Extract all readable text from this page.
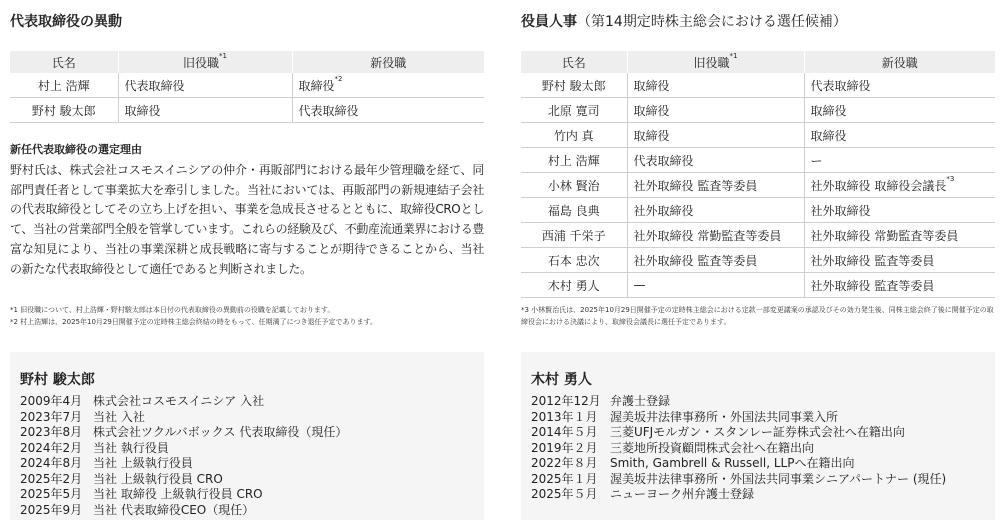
代表取締役の異動
氏名	旧役職$^{*1}$	新役職
村上 浩輝	代表取締役	取締役$^{*2}$
野村 駿太郎	取締役	代表取締役
新任代表取締役の選定理由
野村氏は、株式会社コスモスイニシアの仲介・再販部門における最年少管理職を経て、同部門責任者として事業拡大を牽引しました。当社においては、再販部門の新規連結子会社の代表取締役としてその立ち上げを担い、事業を急成長させるとともに、取締役CROとして、当社の営業部門全般を管掌しています。これらの経験及び、不動産流通業界における豊富な知見により、当社の事業深耕と成長戦略に寄与することが期待できることから、当社の新たな代表取締役として適任であると判断されました。
*1 旧役職について、村上浩輝・野村駿太郎は本日付の代表取締役の異動前の役職を記載しております。
*2 村上浩輝は、2025年10月29日開催予定の定時株主総会終結の時をもって、任期満了につき退任予定であります。
野村 駿太郎
2009年4月 株式会社コスモスイニシア 入社
2023年7月 当社 入社
2023年8月 株式会社ツクルバボックス 代表取締役（現任）
2024年2月 当社 執行役員
2024年8月 当社 上級執行役員
2025年2月 当社 上級執行役員 CRO
2025年5月 当社 取締役 上級執行役員 CRO
2025年9月 当社 代表取締役CEO（現任）
役員人事（第14期定時株主総会における選任候補）
氏名	旧役職$^{*1}$	新役職
野村 駿太郎	取締役	代表取締役
北原 寛司	取締役	取締役
竹内 真	取締役	取締役
村上 浩輝	代表取締役	ー
小林 賢治	社外取締役 監査等委員	社外取締役 取締役会議長$^{*3}$
福島 良典	社外取締役	社外取締役
西浦 千栄子	社外取締役 常勤監査等委員	社外取締役 常勤監査等委員
石本 忠次	社外取締役 監査等委員	社外取締役 監査等委員
木村 勇人	—	社外取締役 監査等委員
*3 小林賢治氏は、2025年10月29日開催予定の定時株主総会における定款一部変更議案の承認及びその効力発生後、同株主総会終了後に開催予定の取締役会における決議により、取締役会議長に選任予定であります。
木村 勇人
2012年12月 弁護士登録
2013年１月	渥美坂井法律事務所・外国法共同事業入所
2014年５月	三菱UFJモルガン・スタンレー証券株式会社へ在籍出向
2019年２月	三菱地所投資顧問株式会社へ在籍出向
2022年８月	Smith, Gambrell & Russell, LLPへ在籍出向
2025年１月	渥美坂井法律事務所・外国法共同事業シニアパートナー (現任)
2025年５月	ニューヨーク州弁護士登録
